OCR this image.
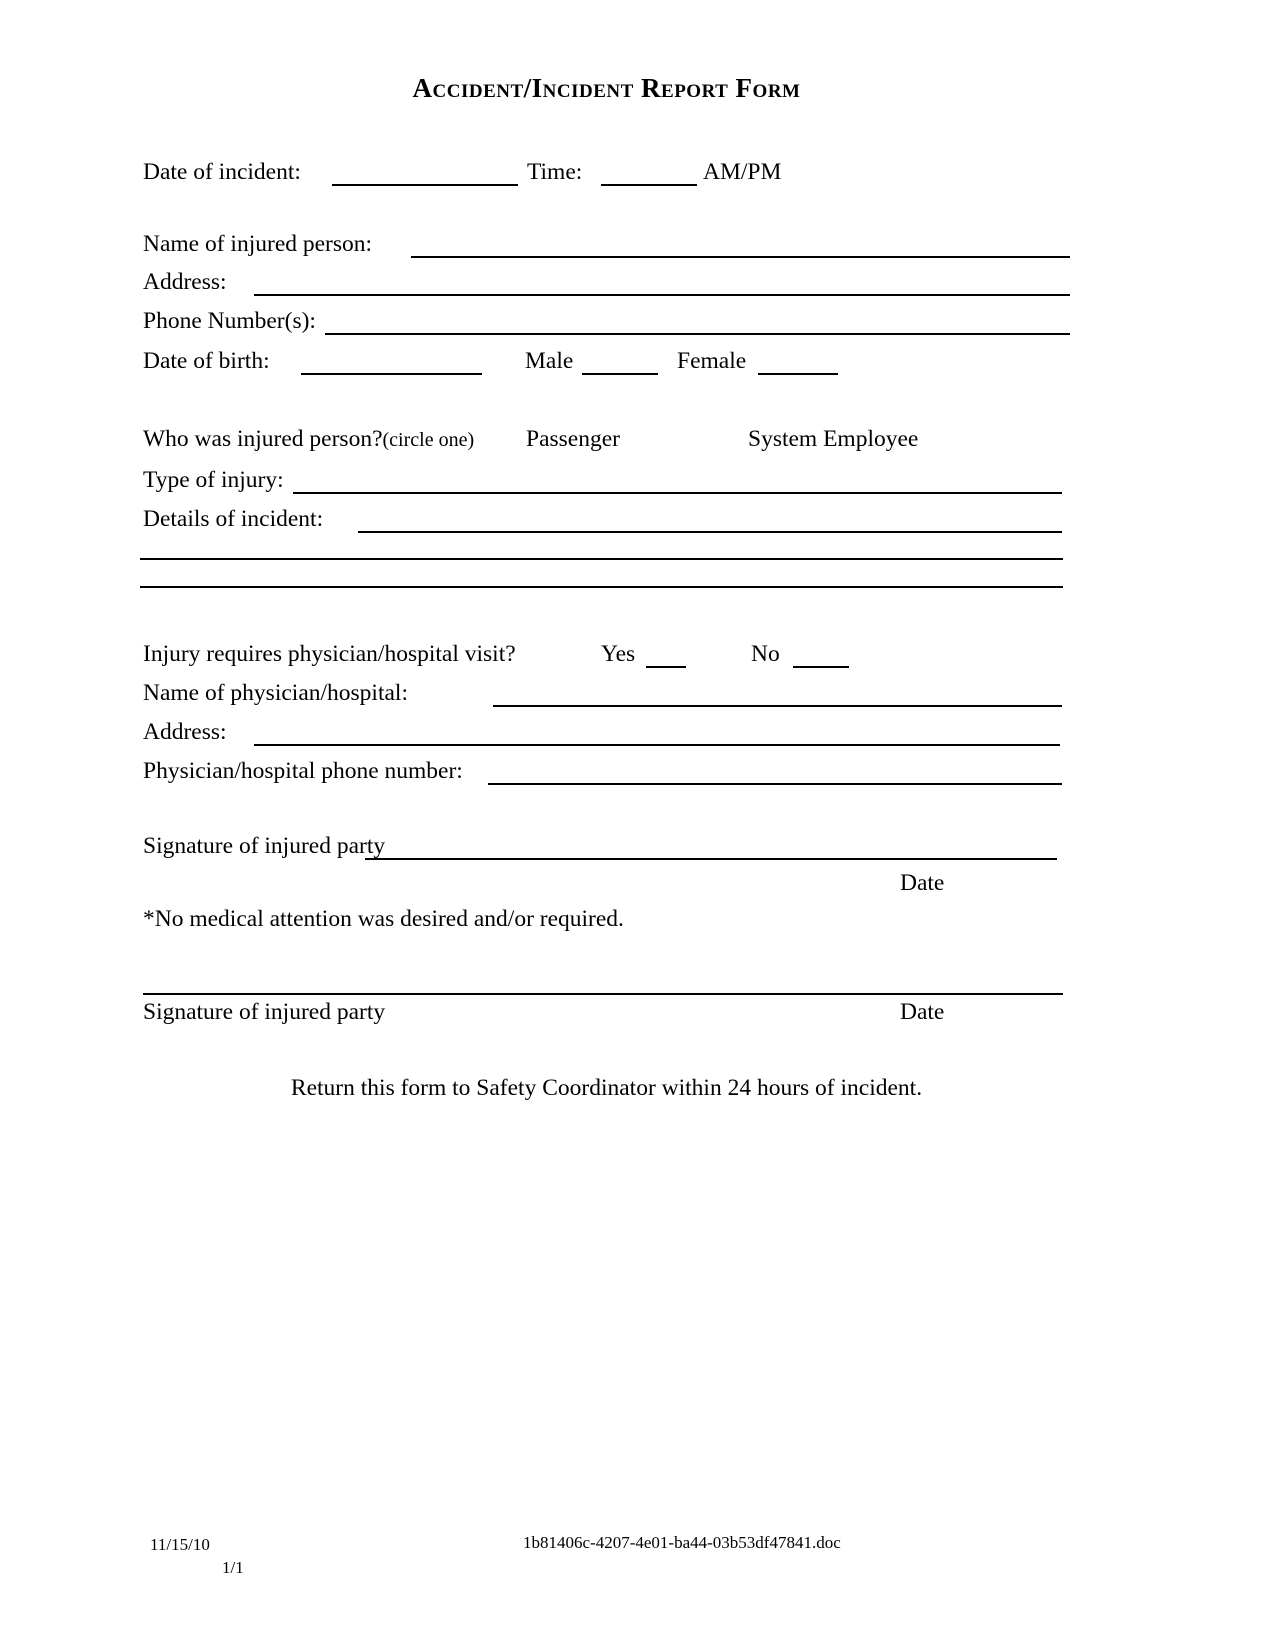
Accident/Incident Report Form
Date of incident:	Time:	AM/PM
Name of injured person:
Address:
Phone Number(s):
Date of birth:	Male	Female
Who was injured person?(circle one) Passenger	System Employee
Type of injury:
Details of incident:
Injury requires physician/hospital visit?	Yes	No
Name of physician/hospital:
Address:
Physician/hospital phone number:
Signature of injured party
Date
*No medical attention was desired and/or required.
Signature of injured party	Date
Return this form to Safety Coordinator within 24 hours of incident.
11/15/10
1/1
1b81406c-4207-4e01-ba44-03b53df47841.doc
